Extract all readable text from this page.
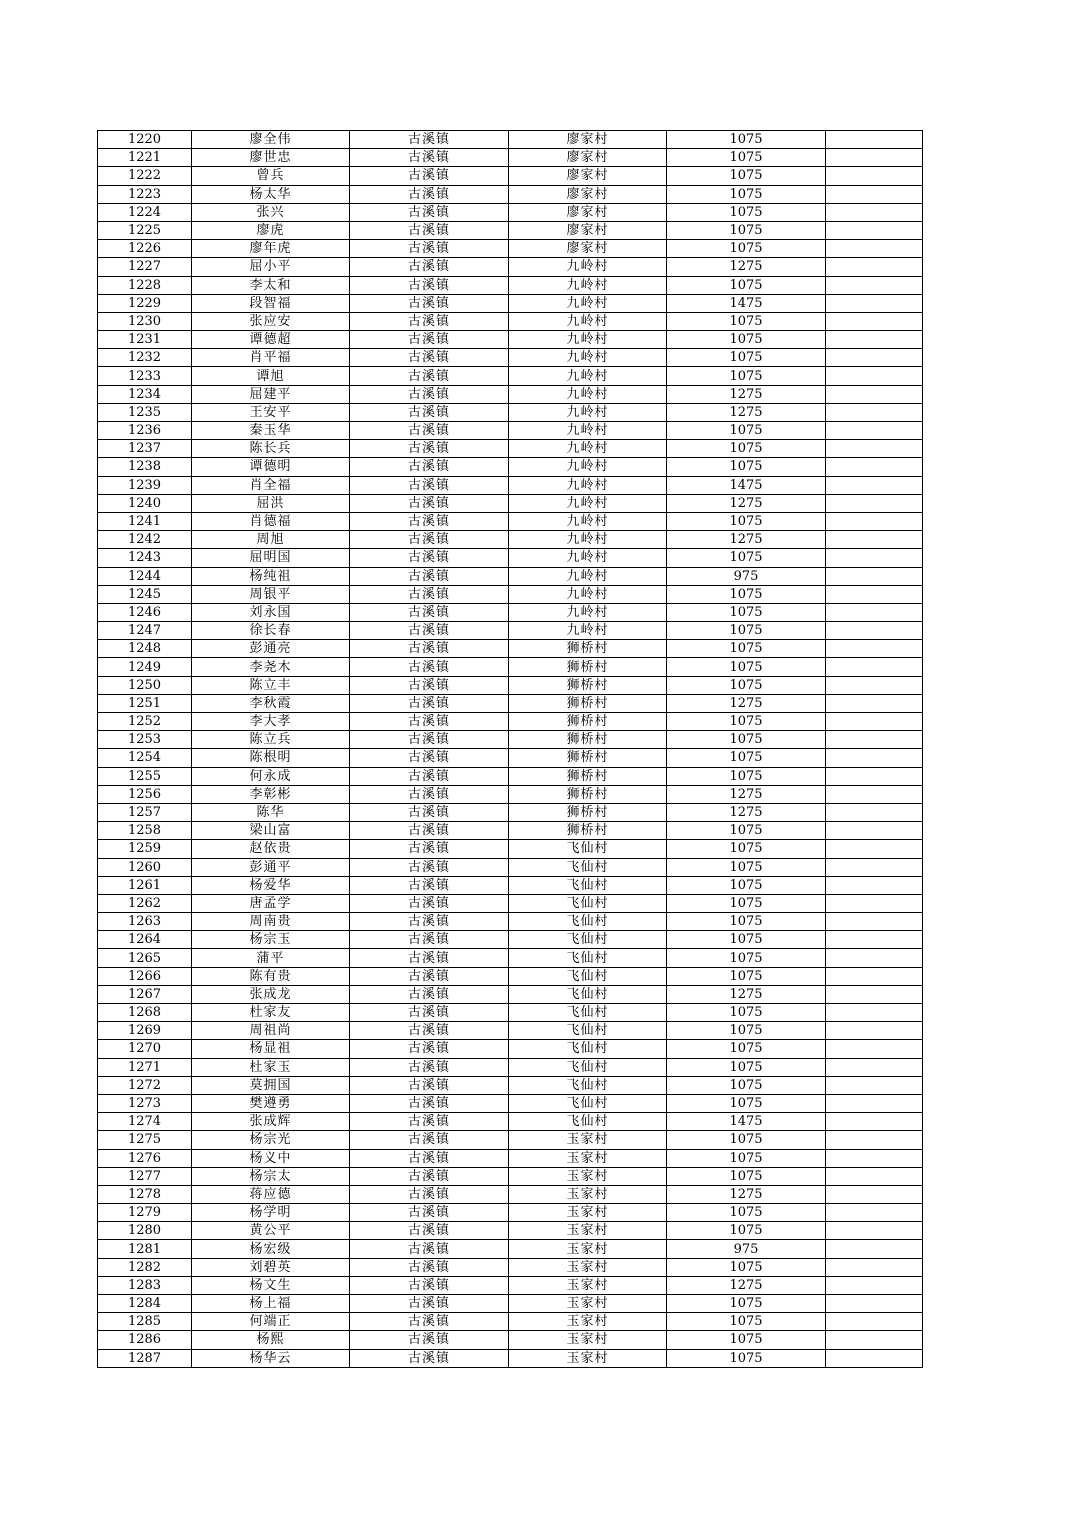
1220	廖全伟	古溪镇	廖家村	1075	
1221	廖世忠	古溪镇	廖家村	1075	
1222	曾兵	古溪镇	廖家村	1075	
1223	杨太华	古溪镇	廖家村	1075	
1224	张兴	古溪镇	廖家村	1075	
1225	廖虎	古溪镇	廖家村	1075	
1226	廖年虎	古溪镇	廖家村	1075	
1227	屈小平	古溪镇	九岭村	1275	
1228	李太和	古溪镇	九岭村	1075	
1229	段智福	古溪镇	九岭村	1475	
1230	张应安	古溪镇	九岭村	1075	
1231	谭德超	古溪镇	九岭村	1075	
1232	肖平福	古溪镇	九岭村	1075	
1233	谭旭	古溪镇	九岭村	1075	
1234	屈建平	古溪镇	九岭村	1275	
1235	王安平	古溪镇	九岭村	1275	
1236	秦玉华	古溪镇	九岭村	1075	
1237	陈长兵	古溪镇	九岭村	1075	
1238	谭德明	古溪镇	九岭村	1075	
1239	肖全福	古溪镇	九岭村	1475	
1240	屈洪	古溪镇	九岭村	1275	
1241	肖德福	古溪镇	九岭村	1075	
1242	周旭	古溪镇	九岭村	1275	
1243	屈明国	古溪镇	九岭村	1075	
1244	杨纯祖	古溪镇	九岭村	975	
1245	周银平	古溪镇	九岭村	1075	
1246	刘永国	古溪镇	九岭村	1075	
1247	徐长春	古溪镇	九岭村	1075	
1248	彭通亮	古溪镇	狮桥村	1075	
1249	李尧木	古溪镇	狮桥村	1075	
1250	陈立丰	古溪镇	狮桥村	1075	
1251	李秋霞	古溪镇	狮桥村	1275	
1252	李大孝	古溪镇	狮桥村	1075	
1253	陈立兵	古溪镇	狮桥村	1075	
1254	陈根明	古溪镇	狮桥村	1075	
1255	何永成	古溪镇	狮桥村	1075	
1256	李彰彬	古溪镇	狮桥村	1275	
1257	陈华	古溪镇	狮桥村	1275	
1258	梁山富	古溪镇	狮桥村	1075	
1259	赵依贵	古溪镇	飞仙村	1075	
1260	彭通平	古溪镇	飞仙村	1075	
1261	杨爱华	古溪镇	飞仙村	1075	
1262	唐孟学	古溪镇	飞仙村	1075	
1263	周南贵	古溪镇	飞仙村	1075	
1264	杨宗玉	古溪镇	飞仙村	1075	
1265	蒲平	古溪镇	飞仙村	1075	
1266	陈有贵	古溪镇	飞仙村	1075	
1267	张成龙	古溪镇	飞仙村	1275	
1268	杜家友	古溪镇	飞仙村	1075	
1269	周祖尚	古溪镇	飞仙村	1075	
1270	杨显祖	古溪镇	飞仙村	1075	
1271	杜家玉	古溪镇	飞仙村	1075	
1272	莫拥国	古溪镇	飞仙村	1075	
1273	樊遵勇	古溪镇	飞仙村	1075	
1274	张成辉	古溪镇	飞仙村	1475	
1275	杨宗光	古溪镇	玉家村	1075	
1276	杨义中	古溪镇	玉家村	1075	
1277	杨宗太	古溪镇	玉家村	1075	
1278	蒋应德	古溪镇	玉家村	1275	
1279	杨学明	古溪镇	玉家村	1075	
1280	黄公平	古溪镇	玉家村	1075	
1281	杨宏级	古溪镇	玉家村	975	
1282	刘碧英	古溪镇	玉家村	1075	
1283	杨文生	古溪镇	玉家村	1275	
1284	杨上福	古溪镇	玉家村	1075	
1285	何端正	古溪镇	玉家村	1075	
1286	杨熙	古溪镇	玉家村	1075	
1287	杨华云	古溪镇	玉家村	1075	
